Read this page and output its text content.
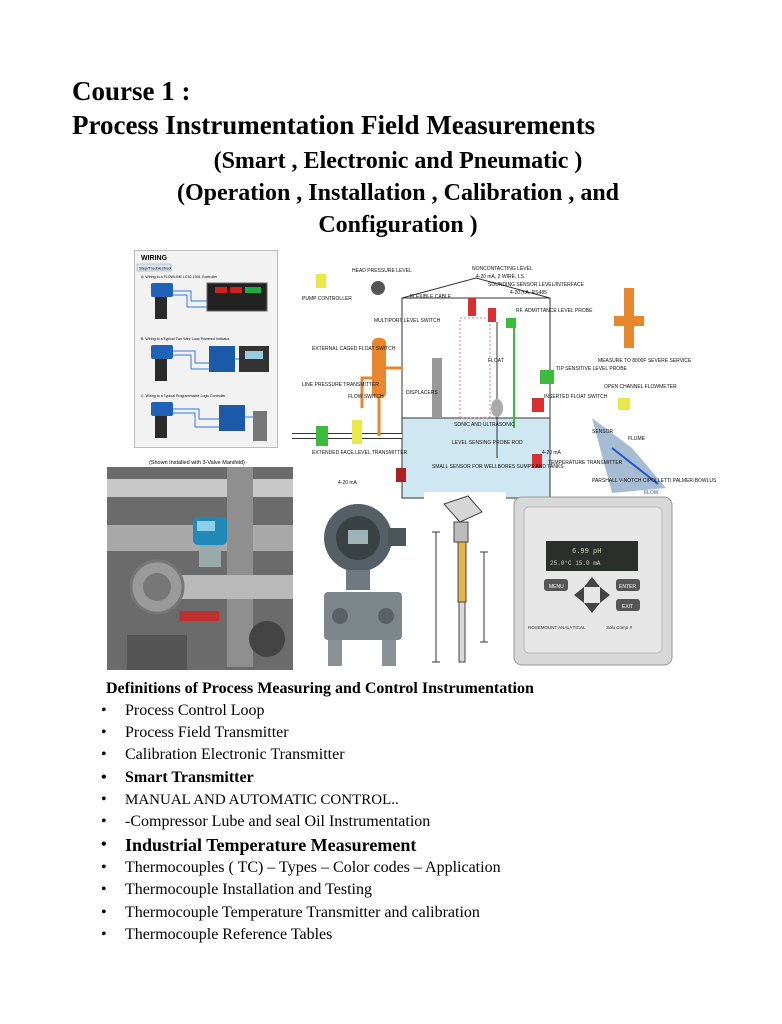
Course 1 :
Process Instrumentation Field Measurements
(Smart , Electronic and Pneumatic )
(Operation , Installation , Calibration , and
Configuration )
WIRING
Step/Troubleshoot
A. Wiring to a FLOWLINE LC52-1001 Controller
B. Wiring to a Typical Two Wire Loop Powered Indicator
C. Wiring to a Typical Programmable Logic Controller
HEAD PRESSURE LEVEL	NONCONTACTING LEVEL
4-20 mA, 2 WIRE, I.S.
SOUNDING SENSOR LEVEL/INTERFACE
4-20 mA, RS485
RF. ADMITTANCE LEVEL PROBE
PUMP CONTROLLER	FLEXIBLE CABLE
MULTIPORT LEVEL SWITCH
EXTERNAL CAGED FLOAT SWITCH
DISPLACERS
FLOAT
TIP SENSITIVE LEVEL PROBE
MEASURE TO 8000F SEVERE SERVICE
OPEN CHANNEL FLOWMETER
LINE PRESSURE TRANSMITTER
FLOW SWITCH	INSERTED FLOAT SWITCH
SONIC AND ULTRASONIC
LEVEL SENSING PROBE ROD
SENSOR
FLUME
EXTENDED FACE LEVEL TRANSMITTER
SMALL SENSOR FOR WELLBORES SUMPS AND TANKS
TEMPERATURE TRANSMITTER
PARSHALL V-NOTCH CIPOLLETTI PALMER-BOWLUS
FLOW
4-20 mA
4-20 mA
(Shown Installed with 3-Valve Manifold)
6.99 pH
25.0°C 15.0 mA
MENU	ENTER
EXIT
ROSEMOUNT ANALYTICAL	Solu Comp II
Definitions of Process Measuring and Control Instrumentation
• Process Control Loop
• Process Field Transmitter
• Calibration Electronic Transmitter
• Smart Transmitter
• MANUAL AND AUTOMATIC CONTROL..
• -Compressor Lube and seal Oil Instrumentation
• Industrial Temperature Measurement
• Thermocouples ( TC) – Types – Color codes – Application
• Thermocouple Installation and Testing
• Thermocouple Temperature Transmitter and calibration
• Thermocouple Reference Tables
